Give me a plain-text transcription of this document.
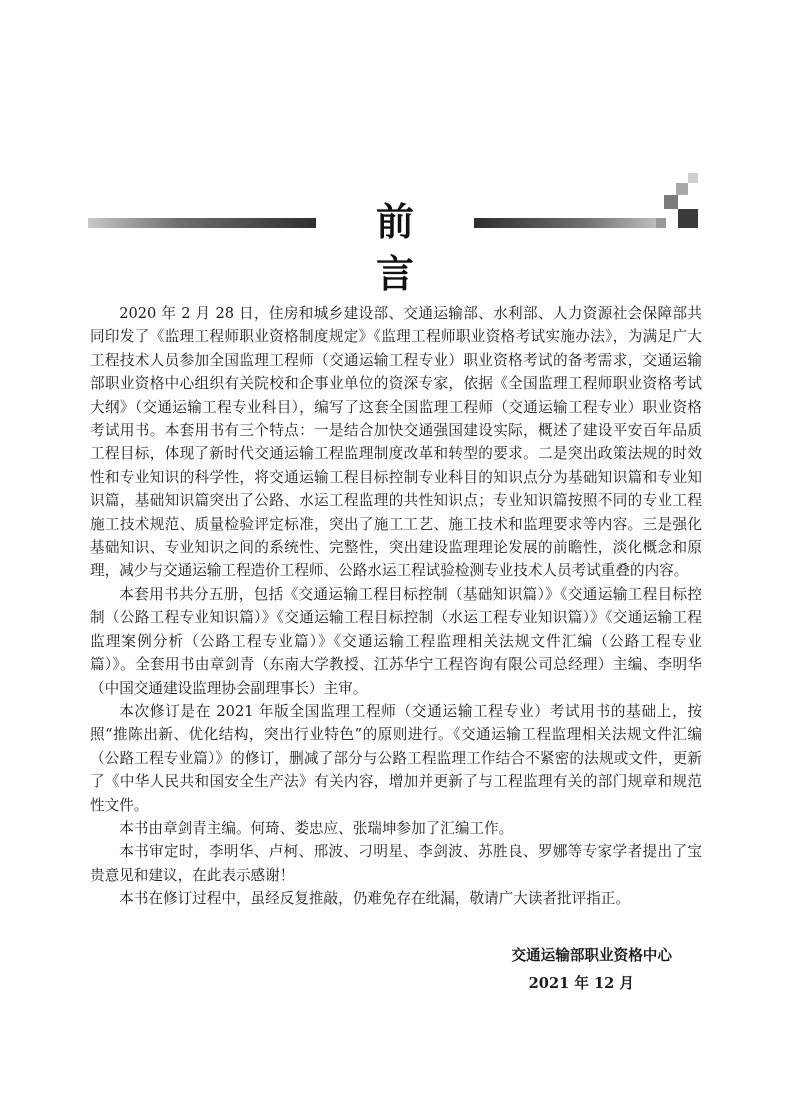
前言

2020 年 2 月 28 日，住房和城乡建设部、交通运输部、水利部、人力资源社会保障部共同印发了《监理工程师职业资格制度规定》《监理工程师职业资格考试实施办法》，为满足广大工程技术人员参加全国监理工程师（交通运输工程专业）职业资格考试的备考需求，交通运输部职业资格中心组织有关院校和企事业单位的资深专家，依据《全国监理工程师职业资格考试大纲》（交通运输工程专业科目），编写了这套全国监理工程师（交通运输工程专业）职业资格考试用书。本套用书有三个特点：一是结合加快交通强国建设实际，概述了建设平安百年品质工程目标，体现了新时代交通运输工程监理制度改革和转型的要求。二是突出政策法规的时效性和专业知识的科学性，将交通运输工程目标控制专业科目的知识点分为基础知识篇和专业知识篇，基础知识篇突出了公路、水运工程监理的共性知识点；专业知识篇按照不同的专业工程施工技术规范、质量检验评定标准，突出了施工工艺、施工技术和监理要求等内容。三是强化基础知识、专业知识之间的系统性、完整性，突出建设监理理论发展的前瞻性，淡化概念和原理，减少与交通运输工程造价工程师、公路水运工程试验检测专业技术人员考试重叠的内容。

本套用书共分五册，包括《交通运输工程目标控制（基础知识篇）》《交通运输工程目标控制（公路工程专业知识篇）》《交通运输工程目标控制（水运工程专业知识篇）》《交通运输工程监理案例分析（公路工程专业篇）》《交通运输工程监理相关法规文件汇编（公路工程专业篇）》。全套用书由章剑青（东南大学教授、江苏华宁工程咨询有限公司总经理）主编、李明华（中国交通建设监理协会副理事长）主审。

本次修订是在 2021 年版全国监理工程师（交通运输工程专业）考试用书的基础上，按照“推陈出新、优化结构，突出行业特色”的原则进行。《交通运输工程监理相关法规文件汇编（公路工程专业篇）》的修订，删减了部分与公路工程监理工作结合不紧密的法规或文件，更新了《中华人民共和国安全生产法》有关内容，增加并更新了与工程监理有关的部门规章和规范性文件。

本书由章剑青主编。何琦、娄忠应、张瑞坤参加了汇编工作。

本书审定时，李明华、卢柯、邢波、刁明星、李剑波、苏胜良、罗娜等专家学者提出了宝贵意见和建议，在此表示感谢！

本书在修订过程中，虽经反复推敲，仍难免存在纰漏，敬请广大读者批评指正。

交通运输部职业资格中心
2021 年 12 月
